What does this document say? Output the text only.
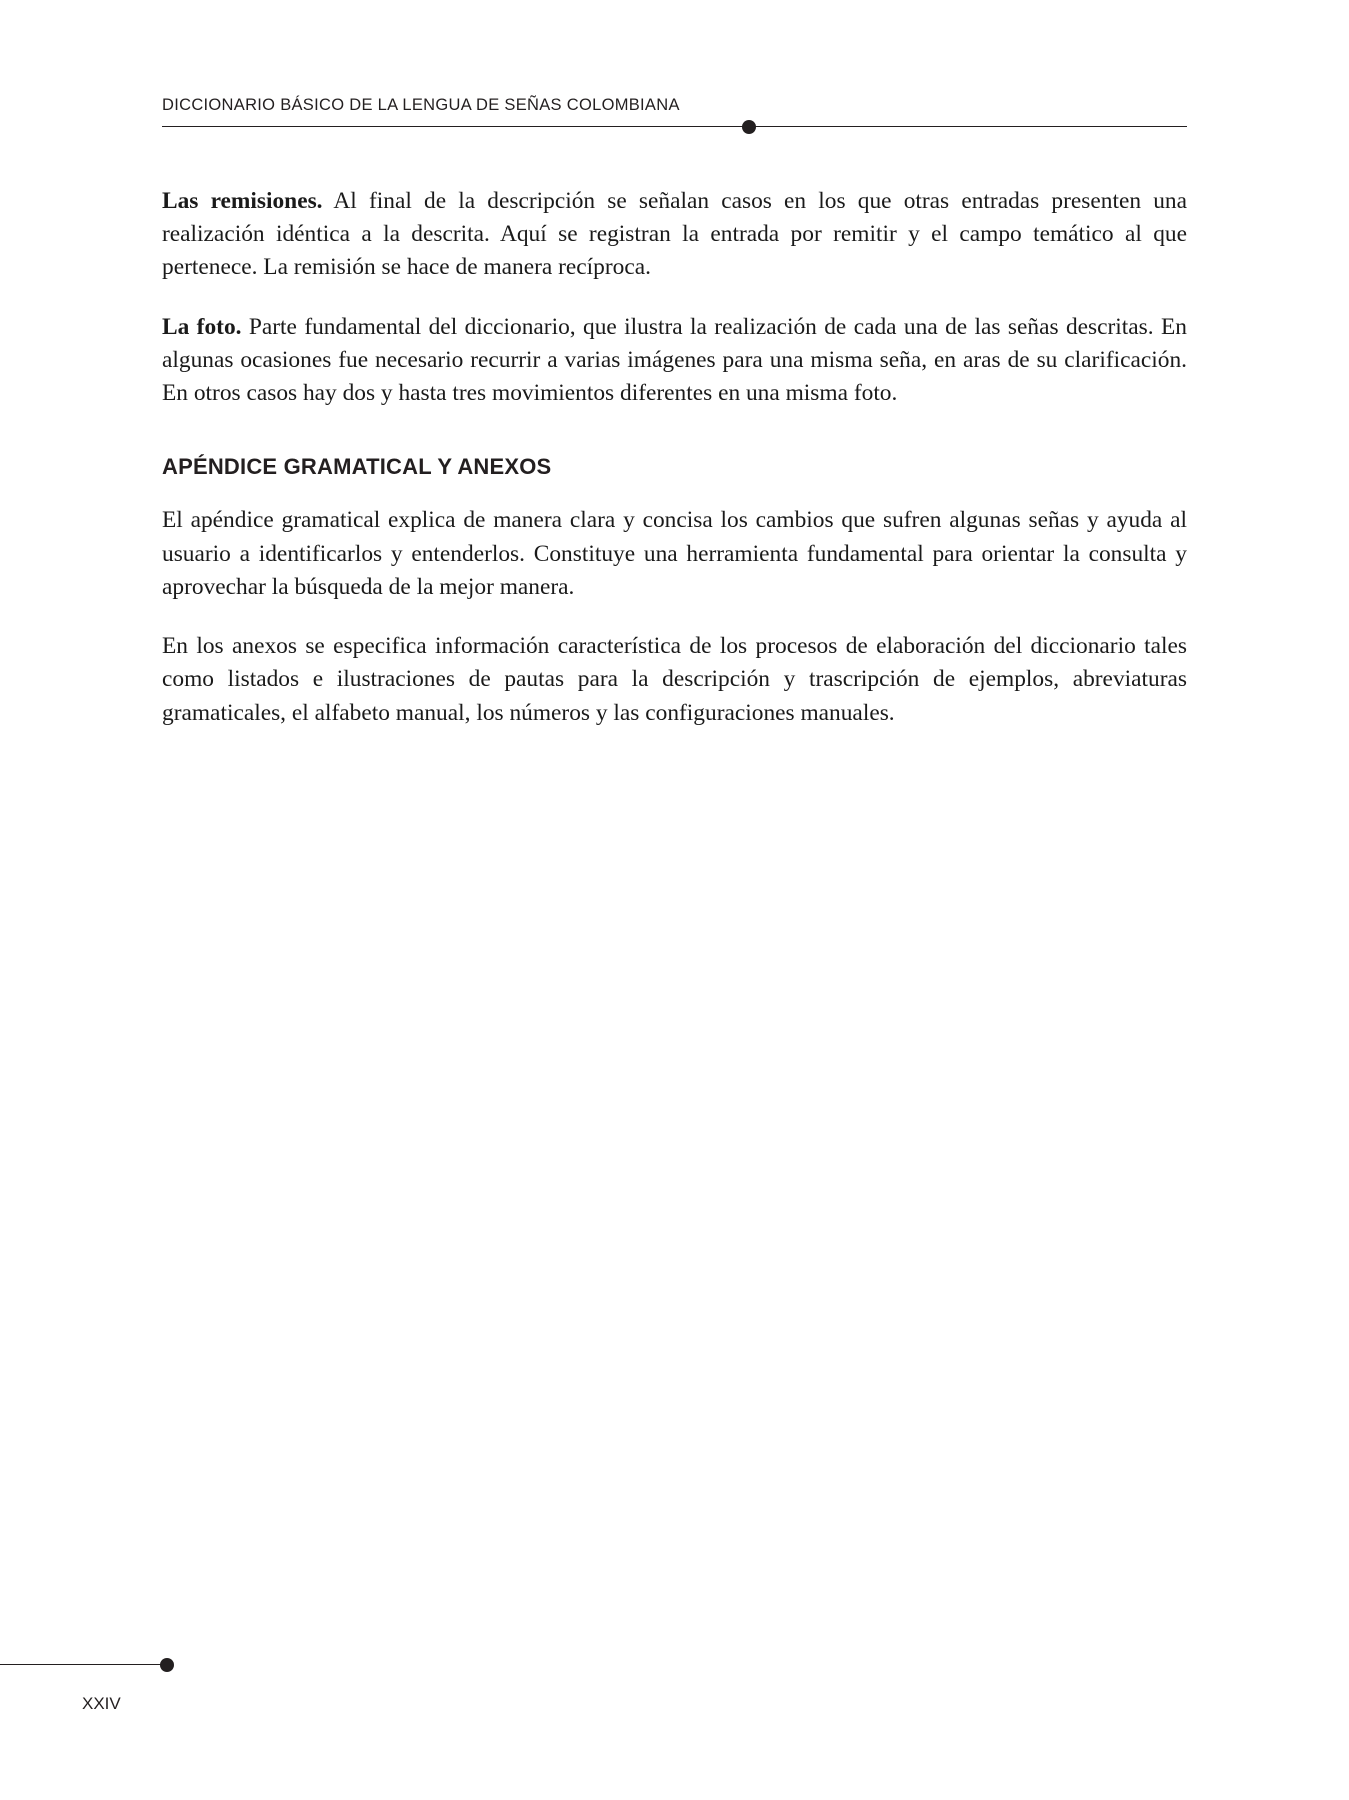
DICCIONARIO BÁSICO DE LA LENGUA DE SEÑAS COLOMBIANA

Las remisiones. Al final de la descripción se señalan casos en los que otras entradas presenten una realización idéntica a la descrita. Aquí se registran la entrada por remitir y el campo temático al que pertenece. La remisión se hace de manera recíproca.

La foto. Parte fundamental del diccionario, que ilustra la realización de cada una de las señas descritas. En algunas ocasiones fue necesario recurrir a varias imágenes para una misma seña, en aras de su clarificación. En otros casos hay dos y hasta tres movimientos diferentes en una misma foto.

APÉNDICE GRAMATICAL Y ANEXOS

El apéndice gramatical explica de manera clara y concisa los cambios que sufren algunas señas y ayuda al usuario a identificarlos y entenderlos. Constituye una herramienta fundamental para orientar la consulta y aprovechar la búsqueda de la mejor manera.

En los anexos se especifica información característica de los procesos de elaboración del diccionario tales como listados e ilustraciones de pautas para la descripción y trascripción de ejemplos, abreviaturas gramaticales, el alfabeto manual, los números y las configuraciones manuales.

XXIV
